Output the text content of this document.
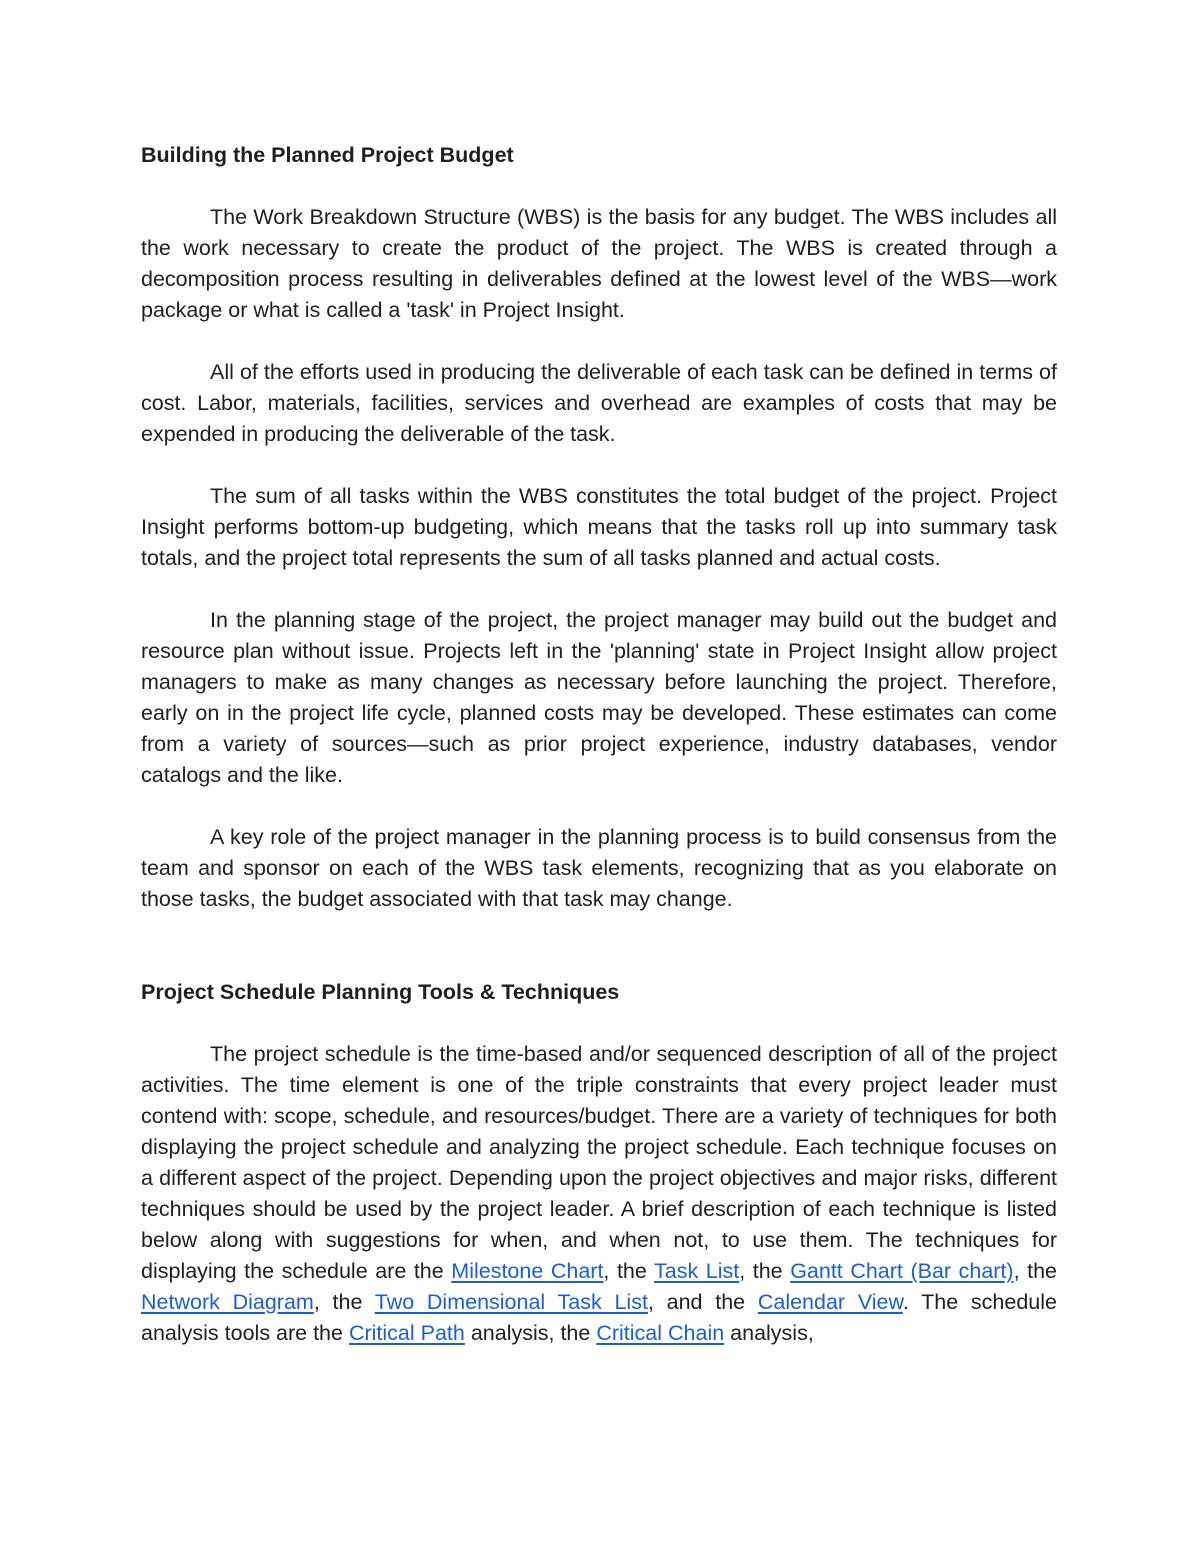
Building the Planned Project Budget

The Work Breakdown Structure (WBS) is the basis for any budget. The WBS includes all the work necessary to create the product of the project. The WBS is created through a decomposition process resulting in deliverables defined at the lowest level of the WBS—work package or what is called a 'task' in Project Insight.

All of the efforts used in producing the deliverable of each task can be defined in terms of cost. Labor, materials, facilities, services and overhead are examples of costs that may be expended in producing the deliverable of the task.

The sum of all tasks within the WBS constitutes the total budget of the project. Project Insight performs bottom-up budgeting, which means that the tasks roll up into summary task totals, and the project total represents the sum of all tasks planned and actual costs.

In the planning stage of the project, the project manager may build out the budget and resource plan without issue. Projects left in the 'planning' state in Project Insight allow project managers to make as many changes as necessary before launching the project. Therefore, early on in the project life cycle, planned costs may be developed. These estimates can come from a variety of sources—such as prior project experience, industry databases, vendor catalogs and the like.

A key role of the project manager in the planning process is to build consensus from the team and sponsor on each of the WBS task elements, recognizing that as you elaborate on those tasks, the budget associated with that task may change.

Project Schedule Planning Tools & Techniques

The project schedule is the time-based and/or sequenced description of all of the project activities. The time element is one of the triple constraints that every project leader must contend with: scope, schedule, and resources/budget. There are a variety of techniques for both displaying the project schedule and analyzing the project schedule. Each technique focuses on a different aspect of the project. Depending upon the project objectives and major risks, different techniques should be used by the project leader. A brief description of each technique is listed below along with suggestions for when, and when not, to use them. The techniques for displaying the schedule are the Milestone Chart, the Task List, the Gantt Chart (Bar chart), the Network Diagram, the Two Dimensional Task List, and the Calendar View. The schedule analysis tools are the Critical Path analysis, the Critical Chain analysis,
